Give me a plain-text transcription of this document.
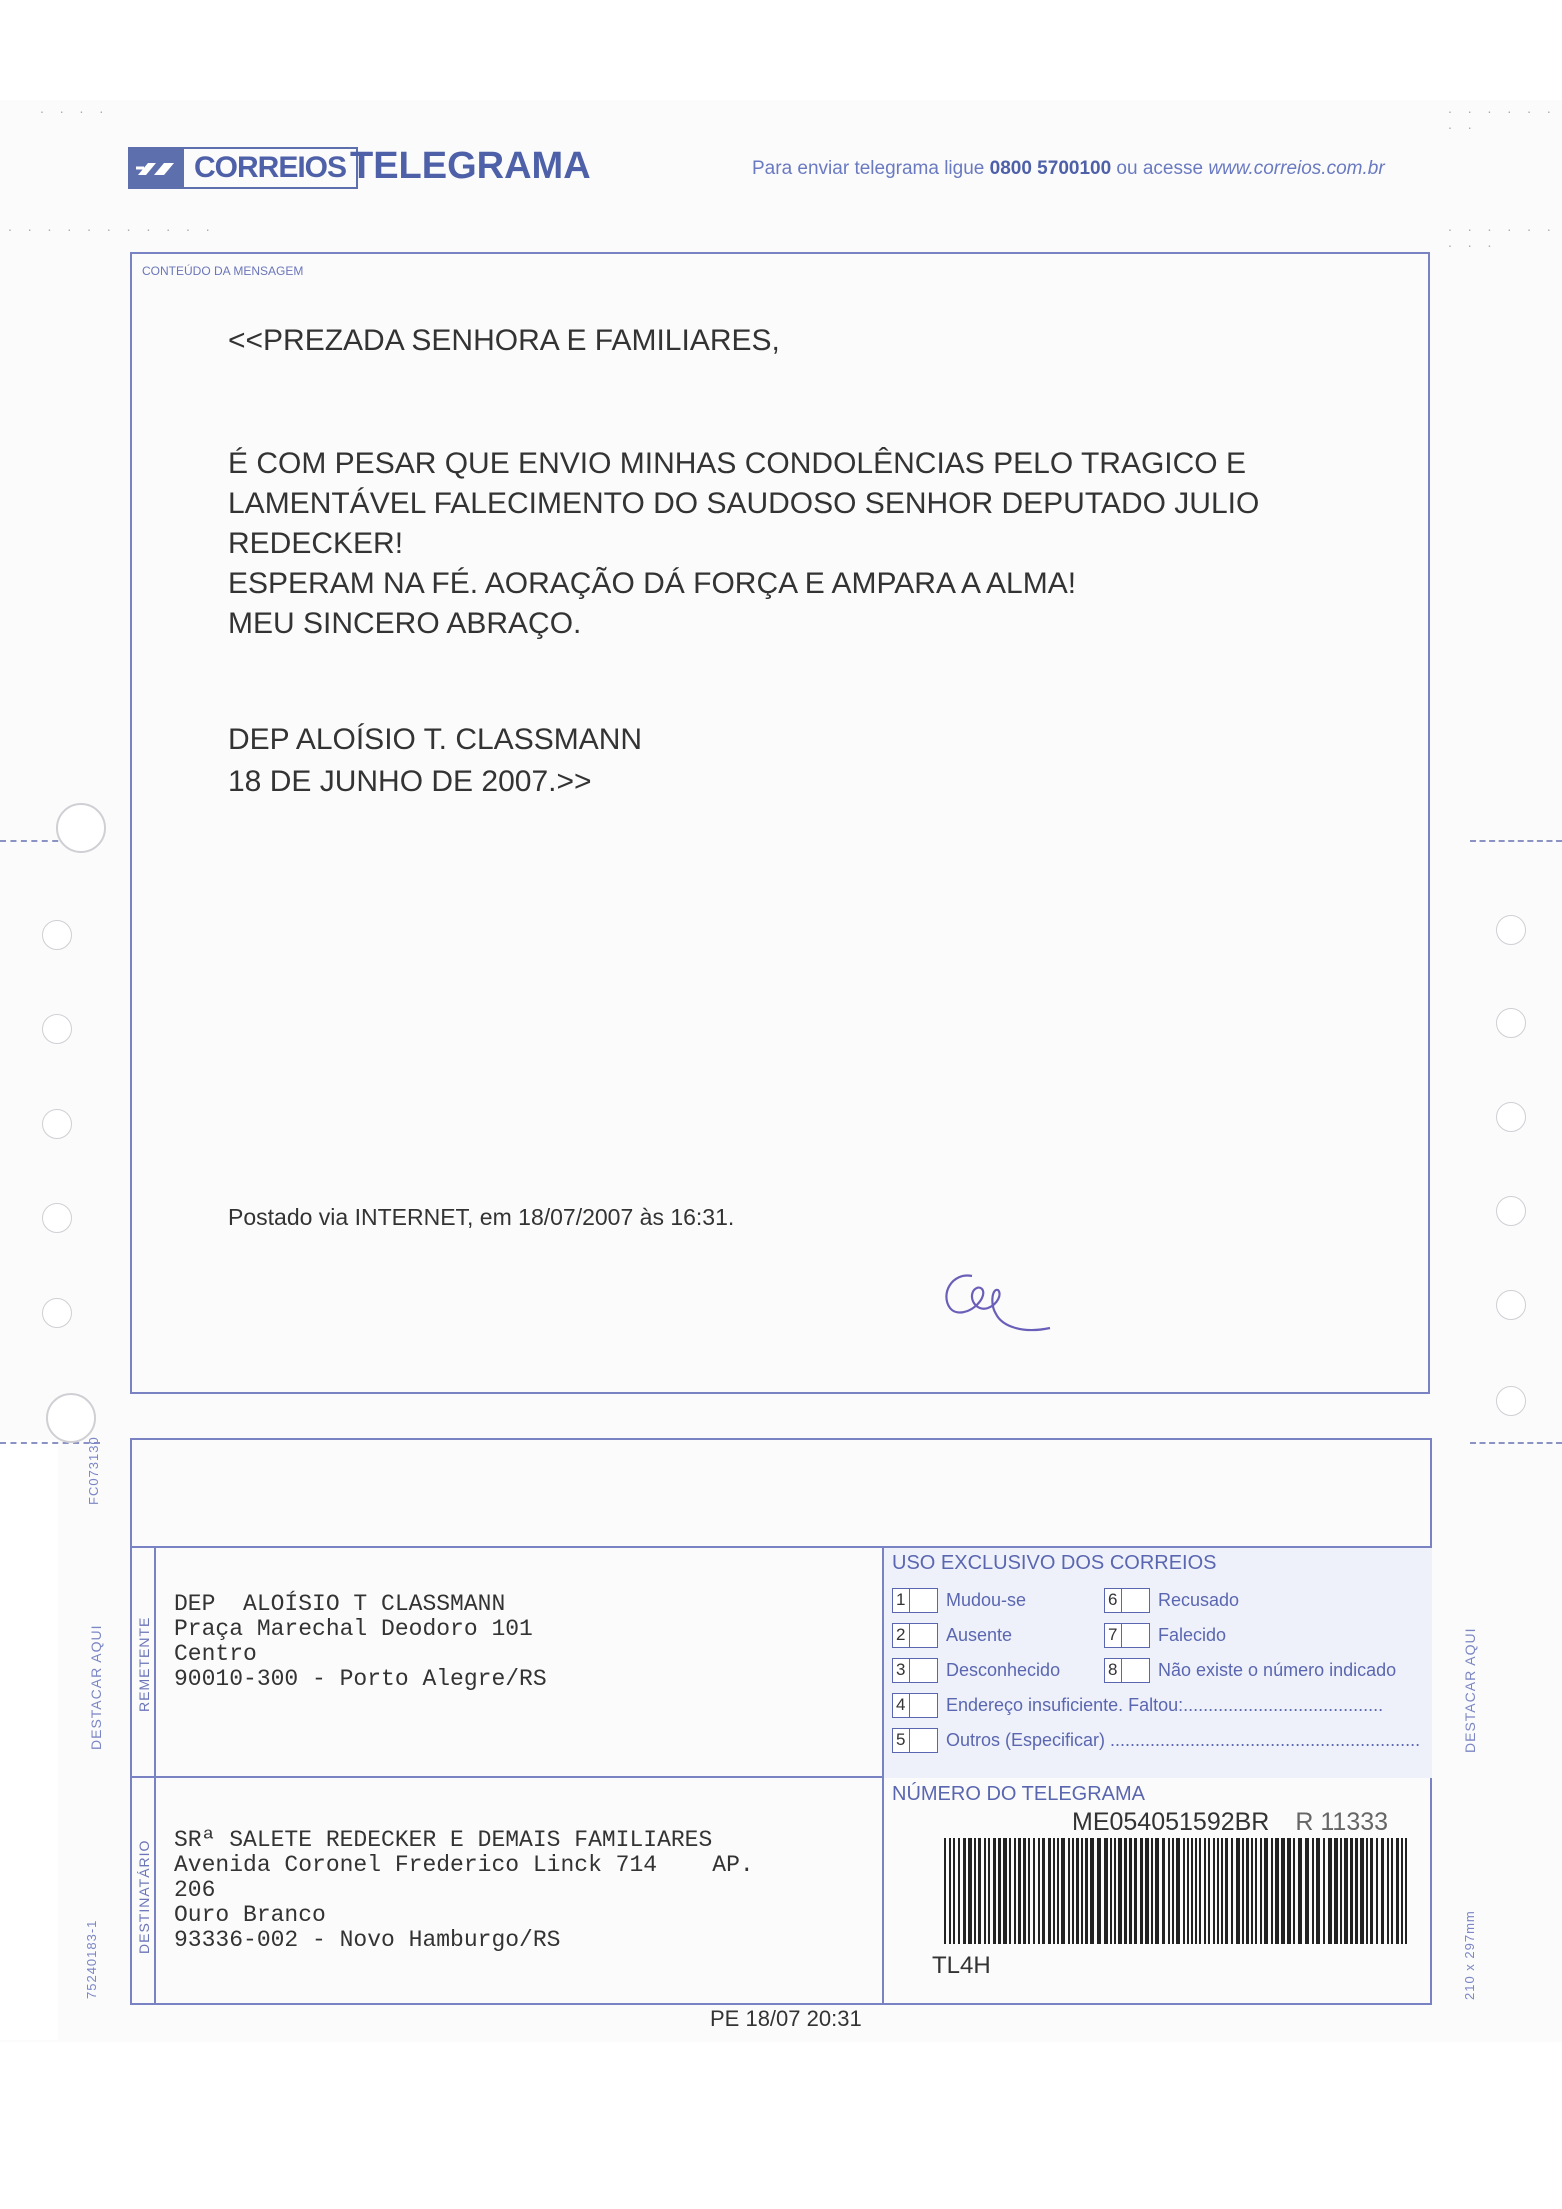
. . . .
. . . . . . . . . . .
. . . . . . . .
. . . . . . . . .
CORREIOS TELEGRAMA	Para enviar telegrama ligue 0800 5700100 ou acesse www.correios.com.br
CONTEÚDO DA MENSAGEM
<<PREZADA SENHORA E FAMILIARES,

É COM PESAR QUE ENVIO MINHAS CONDOLÊNCIAS PELO TRAGICO E

LAMENTÁVEL FALECIMENTO DO SAUDOSO SENHOR DEPUTADO JULIO

REDECKER!

ESPERAM NA FÉ. AORAÇÃO DÁ FORÇA E AMPARA A ALMA!

MEU SINCERO ABRAÇO.

DEP ALOÍSIO T. CLASSMANN
18 DE JUNHO DE 2007.>>
Postado via INTERNET, em 18/07/2007 às 16:31.
REMETENTE
DESTINATÁRIO
DEP  ALOÍSIO T CLASSMANN
Praça Marechal Deodoro 101
Centro
90010-300 - Porto Alegre/RS
SRª SALETE REDECKER E DEMAIS FAMILIARES
Avenida Coronel Frederico Linck 714    AP.
206
Ouro Branco
93336-002 - Novo Hamburgo/RS
USO EXCLUSIVO DOS CORREIOS
1 Mudou-se	6 Recusado
2 Ausente	7 Falecido
3 Desconhecido	8 Não existe o número indicado
4 Endereço insuficiente. Faltou:........................................
5 Outros (Especificar) ..............................................................
NÚMERO DO TELEGRAMA
ME054051592BR R 11333
TL4H
PE 18/07 20:31
FC073130
DESTACAR AQUI	DESTACAR AQUI
75240183-1	210 x 297mm
